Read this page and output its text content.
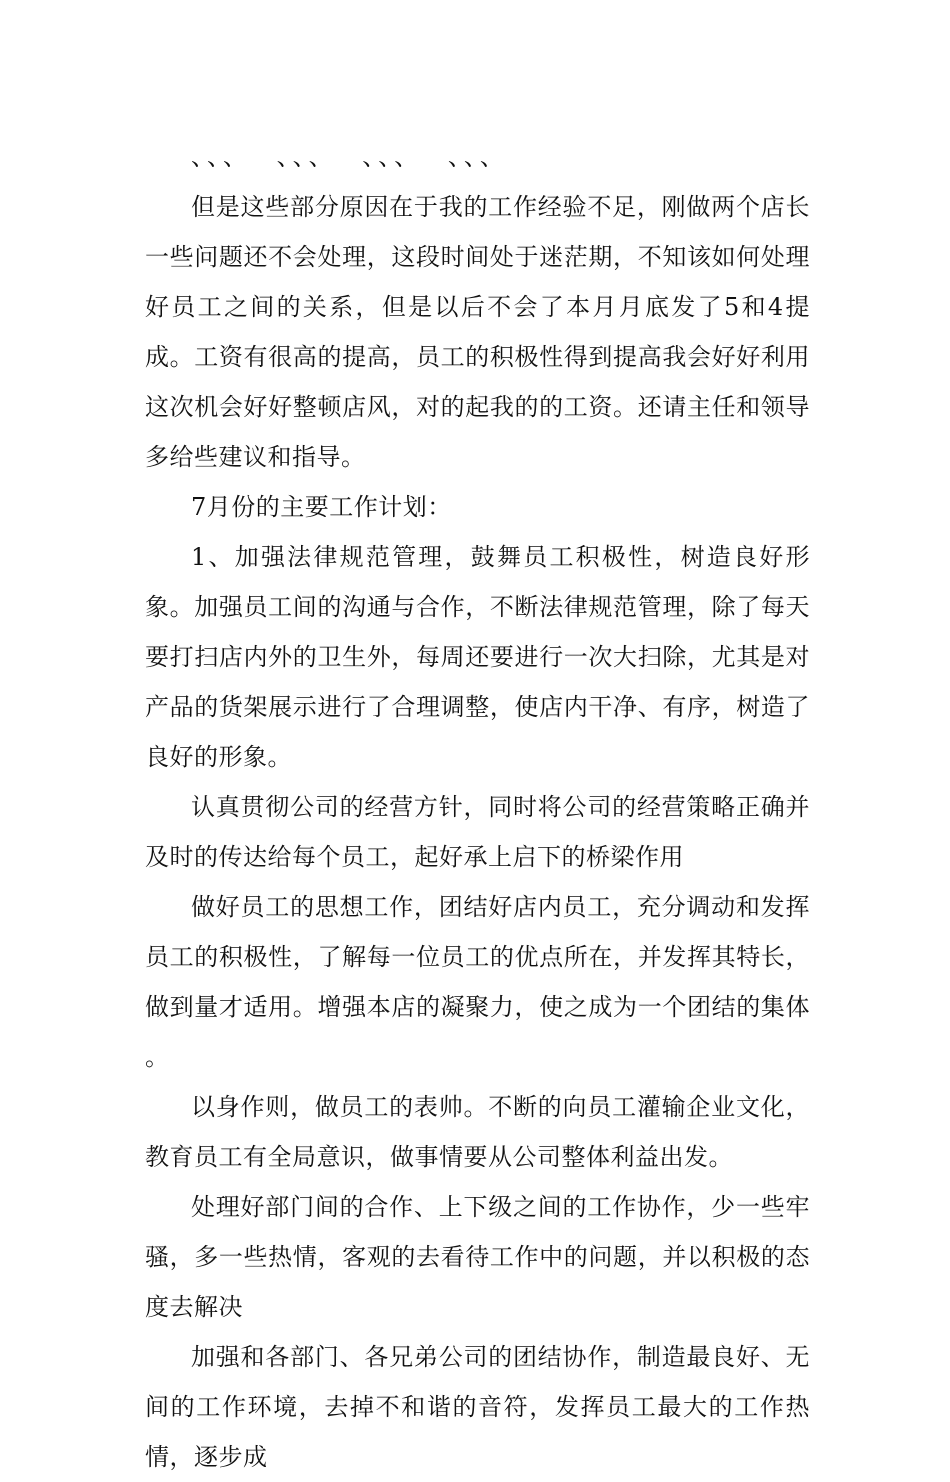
、、、 、、、 、、、 、、、

但是这些部分原因在于我的工作经验不足，刚做两个店长一些问题还不会处理，这段时间处于迷茫期，不知该如何处理好员工之间的关系，但是以后不会了本月月底发了5和4提成。工资有很高的提高，员工的积极性得到提高我会好好利用这次机会好好整顿店风，对的起我的的工资。还请主任和领导多给些建议和指导。

7月份的主要工作计划：

1、加强法律规范管理，鼓舞员工积极性，树造良好形象。加强员工间的沟通与合作，不断法律规范管理，除了每天要打扫店内外的卫生外，每周还要进行一次大扫除，尤其是对产品的货架展示进行了合理调整，使店内干净、有序，树造了良好的形象。

认真贯彻公司的经营方针，同时将公司的经营策略正确并及时的传达给每个员工，起好承上启下的桥梁作用

做好员工的思想工作，团结好店内员工，充分调动和发挥员工的积极性，了解每一位员工的优点所在，并发挥其特长，做到量才适用。增强本店的凝聚力，使之成为一个团结的集体 。

以身作则，做员工的表帅。不断的向员工灌输企业文化，教育员工有全局意识，做事情要从公司整体利益出发。

处理好部门间的合作、上下级之间的工作协作，少一些牢骚，多一些热情，客观的去看待工作中的问题，并以积极的态度去解决

加强和各部门、各兄弟公司的团结协作，制造最良好、无间的工作环境，去掉不和谐的音符，发挥员工最大的工作热情，逐步成
